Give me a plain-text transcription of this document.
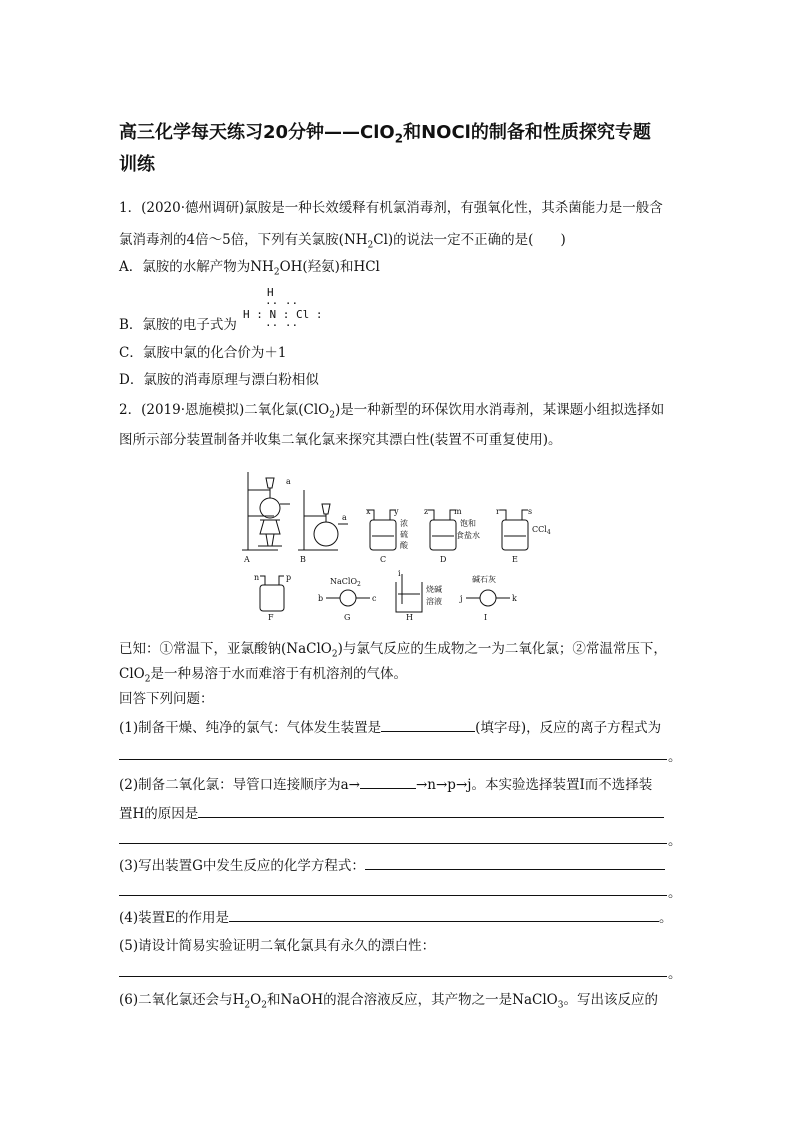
高三化学每天练习20分钟——ClO$_2$和NOCl的制备和性质探究专题
训练
1．(2020·德州调研)氯胺是一种长效缓释有机氯消毒剂，有强氧化性，其杀菌能力是一般含
氯消毒剂的4倍～5倍，下列有关氯胺$(NH_2Cl)$的说法一定不正确的是(　　)
A．氯胺的水解产物为$NH_2OH$(羟氨)和HCl
H
·· ··
H : N : Cl :
·· ··
B．氯胺的电子式为
C．氯胺中氯的化合价为＋1
D．氯胺的消毒原理与漂白粉相似
2．(2019·恩施模拟)二氧化氯(ClO$_2$)是一种新型的环保饮用水消毒剂，某课题小组拟选择如
图所示部分装置制备并收集二氧化氯来探究其漂白性(装置不可重复使用)。
A
a
B
a
x	y
浓
硫
酸
C
z	m
饱和
食盐水
D
r	s
CCl$_4$
E
n	p
F
NaClO$_2$
b	c
G
i
烧碱
溶液
H
碱石灰
j	k
I
已知：①常温下，亚氯酸钠(NaClO$_2$)与氯气反应的生成物之一为二氧化氯；②常温常压下，
ClO$_2$是一种易溶于水而难溶于有机溶剂的气体。
回答下列问题：
(1)制备干燥、纯净的氯气：气体发生装置是	(填字母)，反应的离子方程式为
。
(2)制备二氧化氯：导管口连接顺序为a→	→n→p→j。本实验选择装置I而不选择装
置H的原因是
。
(3)写出装置G中发生反应的化学方程式：
。
(4)装置E的作用是	。
(5)请设计简易实验证明二氧化氯具有永久的漂白性：
。
(6)二氧化氯还会与$H_2O_2$和NaOH的混合溶液反应，其产物之一是NaClO$_3$。写出该反应的
